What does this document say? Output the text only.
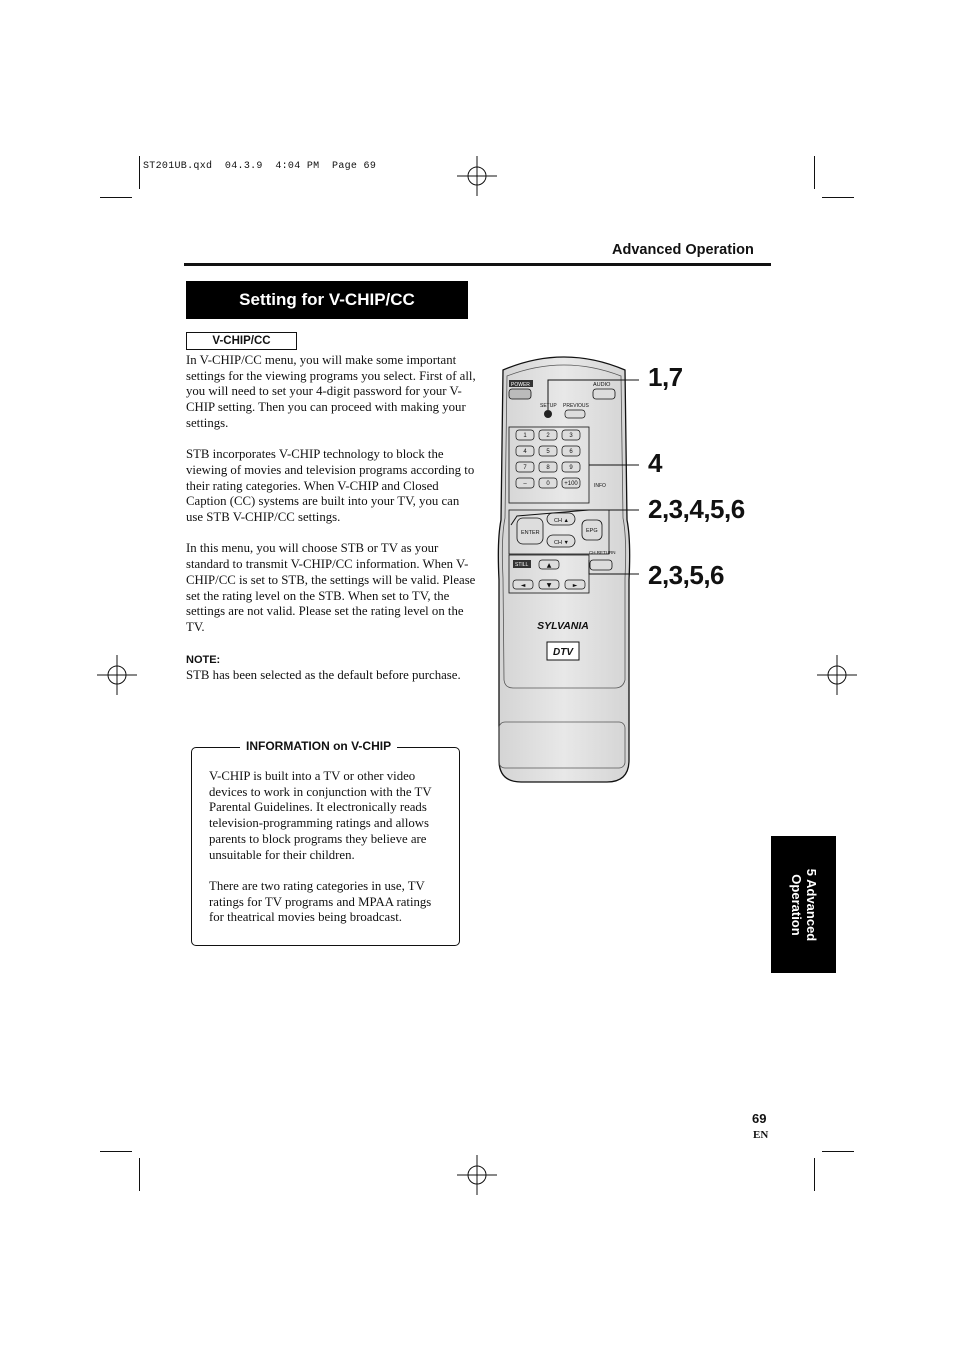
ST201UB.qxd  04.3.9  4:04 PM  Page 69
Advanced Operation
Setting for V-CHIP/CC
V-CHIP/CC

In V-CHIP/CC menu, you will make some important settings for the viewing programs you select. First of all, you will need to set your 4-digit password for your V-CHIP setting. Then you can proceed with making your settings.

STB incorporates V-CHIP technology to block the viewing of movies and television programs according to their rating categories. When V-CHIP and Closed Caption (CC) systems are built into your TV, you can use STB V-CHIP/CC settings.

In this menu, you will choose STB or TV as your standard to transmit V-CHIP/CC information. When V-CHIP/CC is set to STB, the settings will be valid. Please set the rating level on the STB. When set to TV, the settings are not valid. Please set the rating level on the TV.

NOTE:
STB has been selected as the default before purchase.
INFORMATION on V-CHIP

V-CHIP is built into a TV or other video devices to work in conjunction with the TV Parental Guidelines. It electronically reads television-programming ratings and allows parents to block programs they believe are unsuitable for their children.

There are two rating categories in use, TV ratings for TV programs and MPAA ratings for theatrical movies being broadcast.

POWER	AUDIO
SETUP PREVIOUS
1	2	3
4	5	6
7	8	9
–	0 +100	INFO
ENTER
CH ▲
CH ▼
EPG
CH RETURN
STILL	▲
◄	▼	►
SYLVANIA
DTV
1,7
4
2,3,4,5,6
2,3,5,6
5 Advanced
Operation
69
EN
